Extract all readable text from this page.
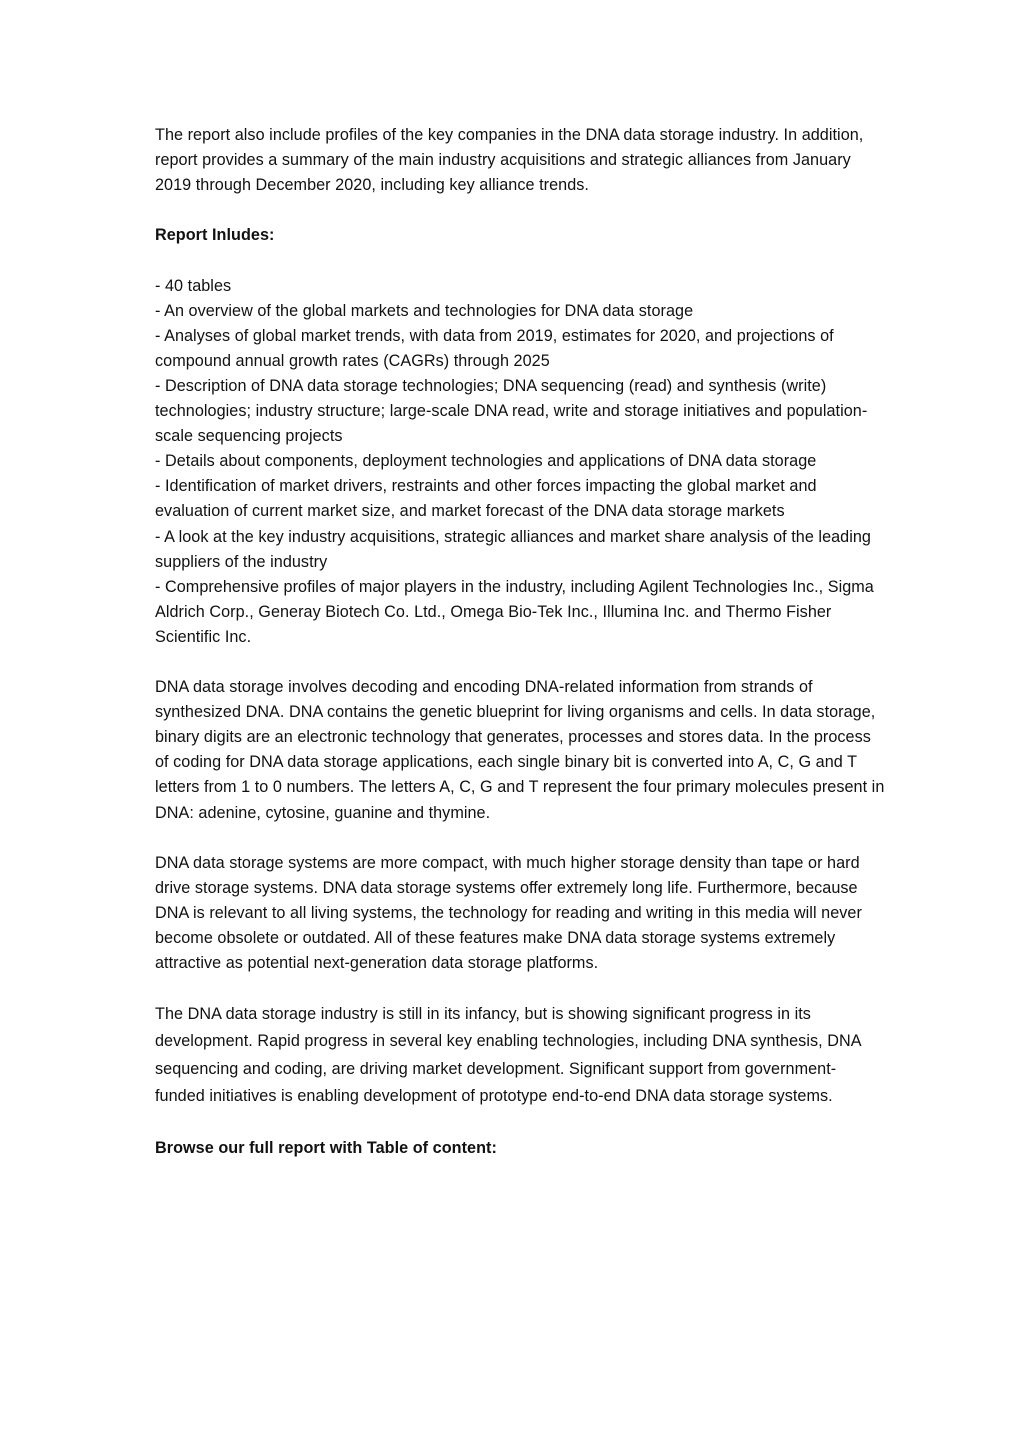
The report also include profiles of the key companies in the DNA data storage industry. In addition, report provides a summary of the main industry acquisitions and strategic alliances from January 2019 through December 2020, including key alliance trends.

Report Inludes:

- 40 tables
- An overview of the global markets and technologies for DNA data storage
- Analyses of global market trends, with data from 2019, estimates for 2020, and projections of compound annual growth rates (CAGRs) through 2025
- Description of DNA data storage technologies; DNA sequencing (read) and synthesis (write) technologies; industry structure; large-scale DNA read, write and storage initiatives and population-scale sequencing projects
- Details about components, deployment technologies and applications of DNA data storage
- Identification of market drivers, restraints and other forces impacting the global market and evaluation of current market size, and market forecast of the DNA data storage markets
- A look at the key industry acquisitions, strategic alliances and market share analysis of the leading suppliers of the industry
- Comprehensive profiles of major players in the industry, including Agilent Technologies Inc., Sigma Aldrich Corp., Generay Biotech Co. Ltd., Omega Bio-Tek Inc., Illumina Inc. and Thermo Fisher Scientific Inc.

DNA data storage involves decoding and encoding DNA-related information from strands of synthesized DNA. DNA contains the genetic blueprint for living organisms and cells. In data storage, binary digits are an electronic technology that generates, processes and stores data. In the process of coding for DNA data storage applications, each single binary bit is converted into A, C, G and T letters from 1 to 0 numbers. The letters A, C, G and T represent the four primary molecules present in DNA: adenine, cytosine, guanine and thymine.

DNA data storage systems are more compact, with much higher storage density than tape or hard drive storage systems. DNA data storage systems offer extremely long life. Furthermore, because DNA is relevant to all living systems, the technology for reading and writing in this media will never become obsolete or outdated. All of these features make DNA data storage systems extremely attractive as potential next-generation data storage platforms.

The DNA data storage industry is still in its infancy, but is showing significant progress in its development. Rapid progress in several key enabling technologies, including DNA synthesis, DNA sequencing and coding, are driving market development. Significant support from government-funded initiatives is enabling development of prototype end-to-end DNA data storage systems.

Browse our full report with Table of content:
